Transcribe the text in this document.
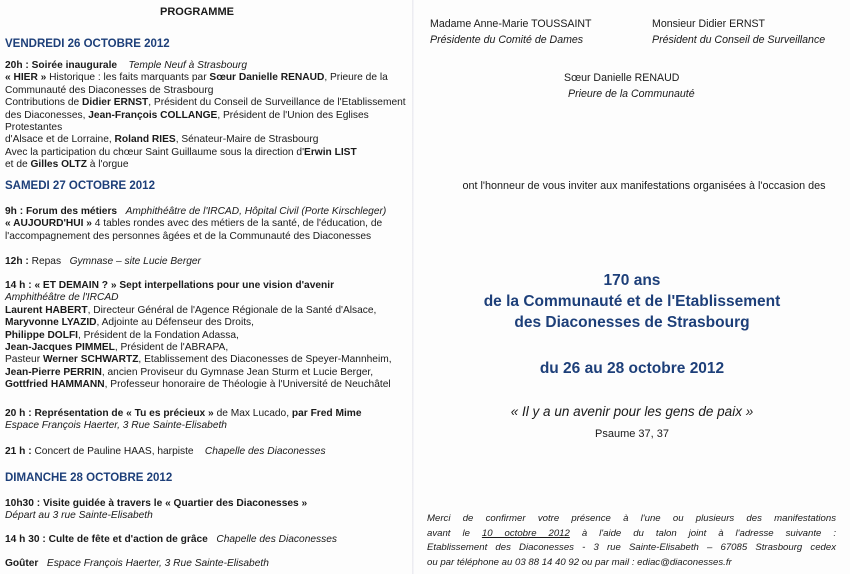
PROGRAMME
VENDREDI 26 OCTOBRE 2012
20h : Soirée inaugurale Temple Neuf à Strasbourg
« HIER » Historique : les faits marquants par Sœur Danielle RENAUD, Prieure de la
Communauté des Diaconesses de Strasbourg
Contributions de Didier ERNST, Président du Conseil de Surveillance de l'Etablissement
des Diaconesses, Jean-François COLLANGE, Président de l'Union des Eglises Protestantes
d'Alsace et de Lorraine, Roland RIES, Sénateur-Maire de Strasbourg
Avec la participation du chœur Saint Guillaume sous la direction d'Erwin LIST
et de Gilles OLTZ à l'orgue
SAMEDI 27 OCTOBRE 2012
9h : Forum des métiers Amphithéâtre de l'IRCAD, Hôpital Civil (Porte Kirschleger)
« AUJOURD'HUI » 4 tables rondes avec des métiers de la santé, de l'éducation, de
l'accompagnement des personnes âgées et de la Communauté des Diaconesses
12h : Repas   Gymnase – site Lucie Berger
14 h : « ET DEMAIN ? » Sept interpellations pour une vision d'avenir
Amphithéâtre de l'IRCAD
Laurent HABERT, Directeur Général de l'Agence Régionale de la Santé d'Alsace,
Maryvonne LYAZID, Adjointe au Défenseur des Droits,
Philippe DOLFI, Président de la Fondation Adassa,
Jean-Jacques PIMMEL, Président de l'ABRAPA,
Pasteur Werner SCHWARTZ, Etablissement des Diaconesses de Speyer-Mannheim,
Jean-Pierre PERRIN, ancien Proviseur du Gymnase Jean Sturm et Lucie Berger,
Gottfried HAMMANN, Professeur honoraire de Théologie à l'Université de Neuchâtel
20 h : Représentation de « Tu es précieux » de Max Lucado, par Fred Mime
Espace François Haerter, 3 Rue Sainte-Elisabeth
21 h : Concert de Pauline HAAS, harpiste Chapelle des Diaconesses
DIMANCHE 28 OCTOBRE 2012
10h30 : Visite guidée à travers le « Quartier des Diaconesses »
Départ au 3 rue Sainte-Elisabeth
14 h 30 : Culte de fête et d'action de grâce Chapelle des Diaconesses
Goûter Espace François Haerter, 3 Rue Sainte-Elisabeth
Madame Anne-Marie TOUSSAINT
Présidente du Comité de Dames
Monsieur Didier ERNST
Président du Conseil de Surveillance
Sœur Danielle RENAUD
Prieure de la Communauté
ont l'honneur de vous inviter aux manifestations organisées à l'occasion des
170 ans
de la Communauté et de l'Etablissement
des Diaconesses de Strasbourg
du 26 au 28 octobre 2012
« Il y a un avenir pour les gens de paix »
Psaume 37, 37
Merci de confirmer votre présence à l'une ou plusieurs des manifestations
avant le 10 octobre 2012 à l'aide du talon joint à l'adresse suivante :
Etablissement des Diaconesses - 3 rue Sainte-Elisabeth – 67085 Strasbourg cedex
ou par téléphone au 03 88 14 40 92 ou par mail : ediac@diaconesses.fr
